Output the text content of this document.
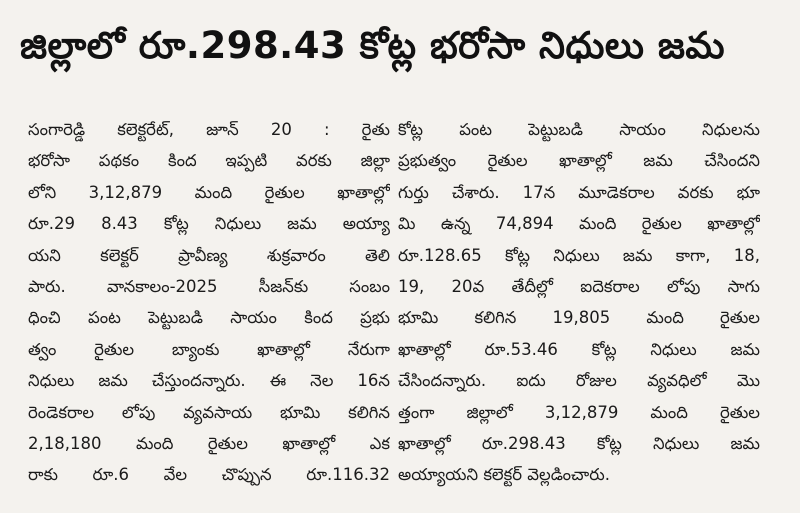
జిల్లాలో రూ.298.43 కోట్ల భరోసా నిధులు జమ
సంగారెడ్డి కలెక్టరేట్, జూన్ 20 : రైతు
భరోసా పథకం కింద ఇప్పటి వరకు జిల్లా
లోని 3,12,879 మంది రైతుల ఖాతాల్లో
రూ.29 8.43 కోట్ల నిధులు జమ అయ్యా
యని కలెక్టర్ ప్రావీణ్య శుక్రవారం తెలి
పారు. వానకాలం-2025 సీజన్‌కు సంబం
ధించి పంట పెట్టుబడి సాయం కింద ప్రభు
త్వం రైతుల బ్యాంకు ఖాతాల్లో నేరుగా
నిధులు జమ చేస్తుందన్నారు. ఈ నెల 16న
రెండెకరాల లోపు వ్యవసాయ భూమి కలిగిన
2,18,180 మంది రైతుల ఖాతాల్లో ఎక
రాకు రూ.6 వేల చొప్పున రూ.116.32
కోట్ల పంట పెట్టుబడి సాయం నిధులను
ప్రభుత్వం రైతుల ఖాతాల్లో జమ చేసిందని
గుర్తు చేశారు. 17న మూడెకరాల వరకు భూ
మి ఉన్న 74,894 మంది రైతుల ఖాతాల్లో
రూ.128.65 కోట్ల నిధులు జమ కాగా, 18,
19, 20వ తేదీల్లో ఐదెకరాల లోపు సాగు
భూమి కలిగిన 19,805 మంది రైతుల
ఖాతాల్లో రూ.53.46 కోట్ల నిధులు జమ
చేసిందన్నారు. ఐదు రోజుల వ్యవధిలో మొ
త్తంగా జిల్లాలో 3,12,879 మంది రైతుల
ఖాతాల్లో రూ.298.43 కోట్ల నిధులు జమ
అయ్యాయని కలెక్టర్ వెల్లడించారు.
